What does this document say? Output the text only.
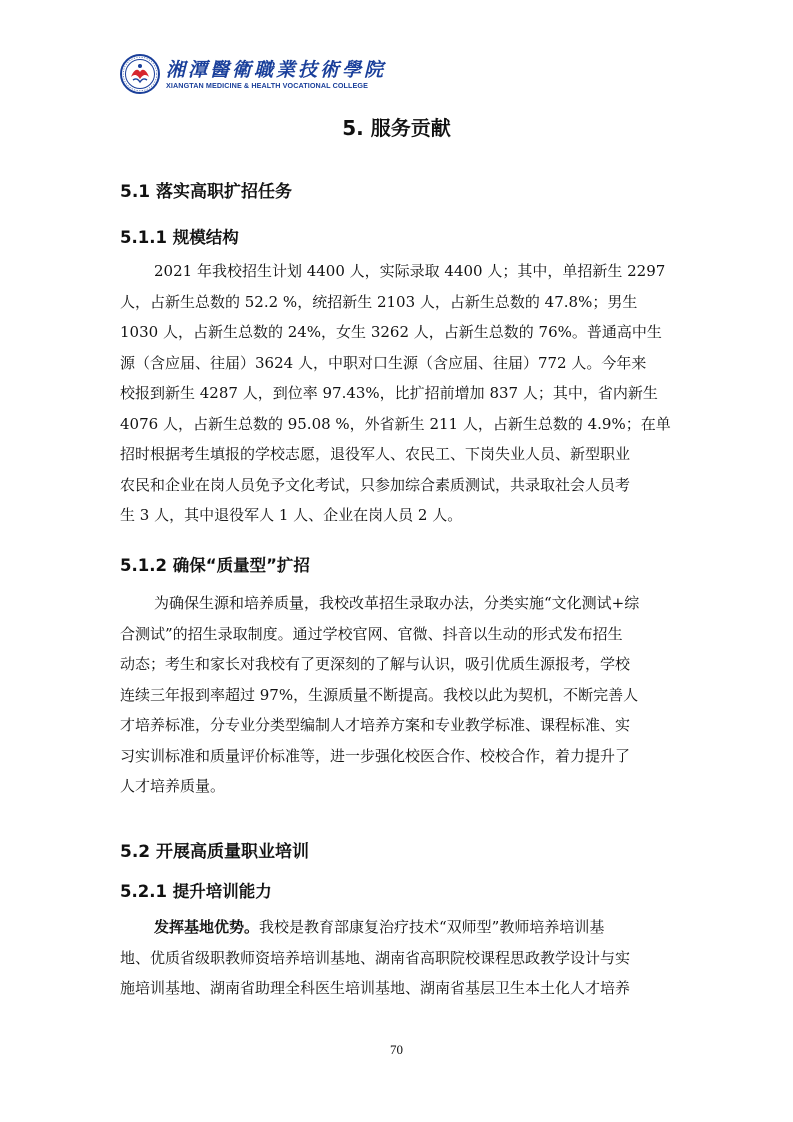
湘潭醫衛職業技術學院
XIANGTAN MEDICINE & HEALTH VOCATIONAL COLLEGE
5. 服务贡献
5.1 落实高职扩招任务
5.1.1 规模结构
2021 年我校招生计划 4400 人，实际录取 4400 人；其中，单招新生 2297
人，占新生总数的 52.2 %，统招新生 2103 人，占新生总数的 47.8%；男生
1030 人，占新生总数的 24%，女生 3262 人，占新生总数的 76%。普通高中生
源（含应届、往届）3624 人，中职对口生源（含应届、往届）772 人。今年来
校报到新生 4287 人，到位率 97.43%，比扩招前增加 837 人；其中，省内新生
4076 人，占新生总数的 95.08 %，外省新生 211 人，占新生总数的 4.9%；在单
招时根据考生填报的学校志愿，退役军人、农民工、下岗失业人员、新型职业
农民和企业在岗人员免予文化考试，只参加综合素质测试，共录取社会人员考
生 3 人，其中退役军人 1 人、企业在岗人员 2 人。
5.1.2 确保“质量型”扩招
为确保生源和培养质量，我校改革招生录取办法，分类实施“文化测试+综
合测试”的招生录取制度。通过学校官网、官微、抖音以生动的形式发布招生
动态；考生和家长对我校有了更深刻的了解与认识，吸引优质生源报考，学校
连续三年报到率超过 97%，生源质量不断提高。我校以此为契机，不断完善人
才培养标准，分专业分类型编制人才培养方案和专业教学标准、课程标准、实
习实训标准和质量评价标准等，进一步强化校医合作、校校合作，着力提升了
人才培养质量。
5.2 开展高质量职业培训
5.2.1 提升培训能力
发挥基地优势。我校是教育部康复治疗技术“双师型”教师培养培训基
地、优质省级职教师资培养培训基地、湖南省高职院校课程思政教学设计与实
施培训基地、湖南省助理全科医生培训基地、湖南省基层卫生本土化人才培养
70
